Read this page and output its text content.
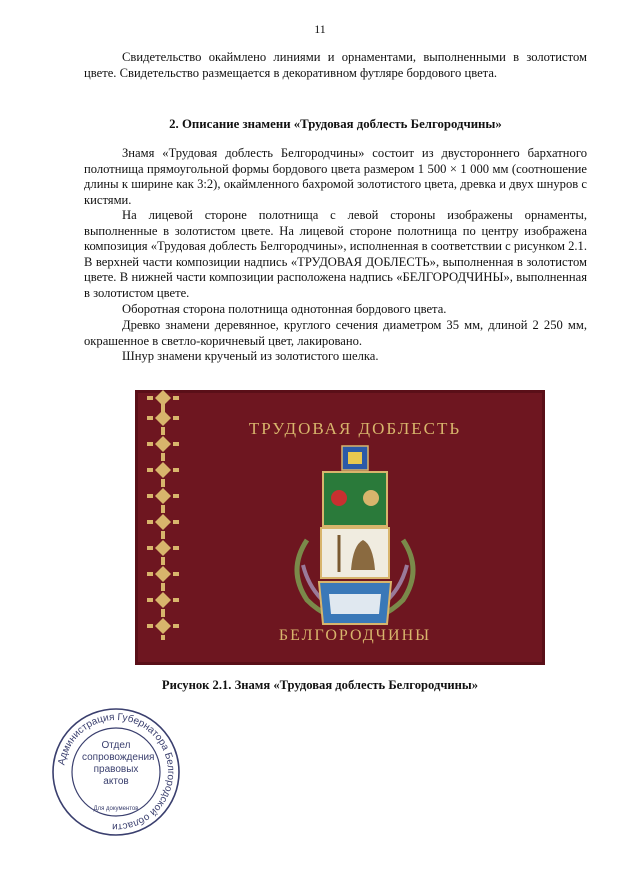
11

Свидетельство окаймлено линиями и орнаментами, выполненными в золотистом цвете. Свидетельство размещается в декоративном футляре бордового цвета.

2. Описание знамени «Трудовая доблесть Белгородчины»

Знамя «Трудовая доблесть Белгородчины» состоит из двустороннего бархатного полотнища прямоугольной формы бордового цвета размером 1 500 × 1 000 мм (соотношение длины к ширине как 3:2), окаймленного бахромой золотистого цвета, древка и двух шнуров с кистями.

На лицевой стороне полотнища с левой стороны изображены орнаменты, выполненные в золотистом цвете. На лицевой стороне полотнища по центру изображена композиция «Трудовая доблесть Белгородчины», исполненная в соответствии с рисунком 2.1. В верхней части композиции надпись «ТРУДОВАЯ ДОБЛЕСТЬ», выполненная в золотистом цвете. В нижней части композиции расположена надпись «БЕЛГОРОДЧИНЫ», выполненная в золотистом цвете.

Оборотная сторона полотнища однотонная бордового цвета.

Древко знамени деревянное, круглого сечения диаметром 35 мм, длиной 2 250 мм, окрашенное в светло-коричневый цвет, лакировано.

Шнур знамени крученый из золотистого шелка.

ТРУДОВАЯ ДОБЛЕСТЬ
БЕЛГОРОДЧИНЫ
Рисунок 2.1. Знамя «Трудовая доблесть Белгородчины»
Администрация Губернатора Белгородской области
Для документов
Отдел
сопровождения
правовых
актов
